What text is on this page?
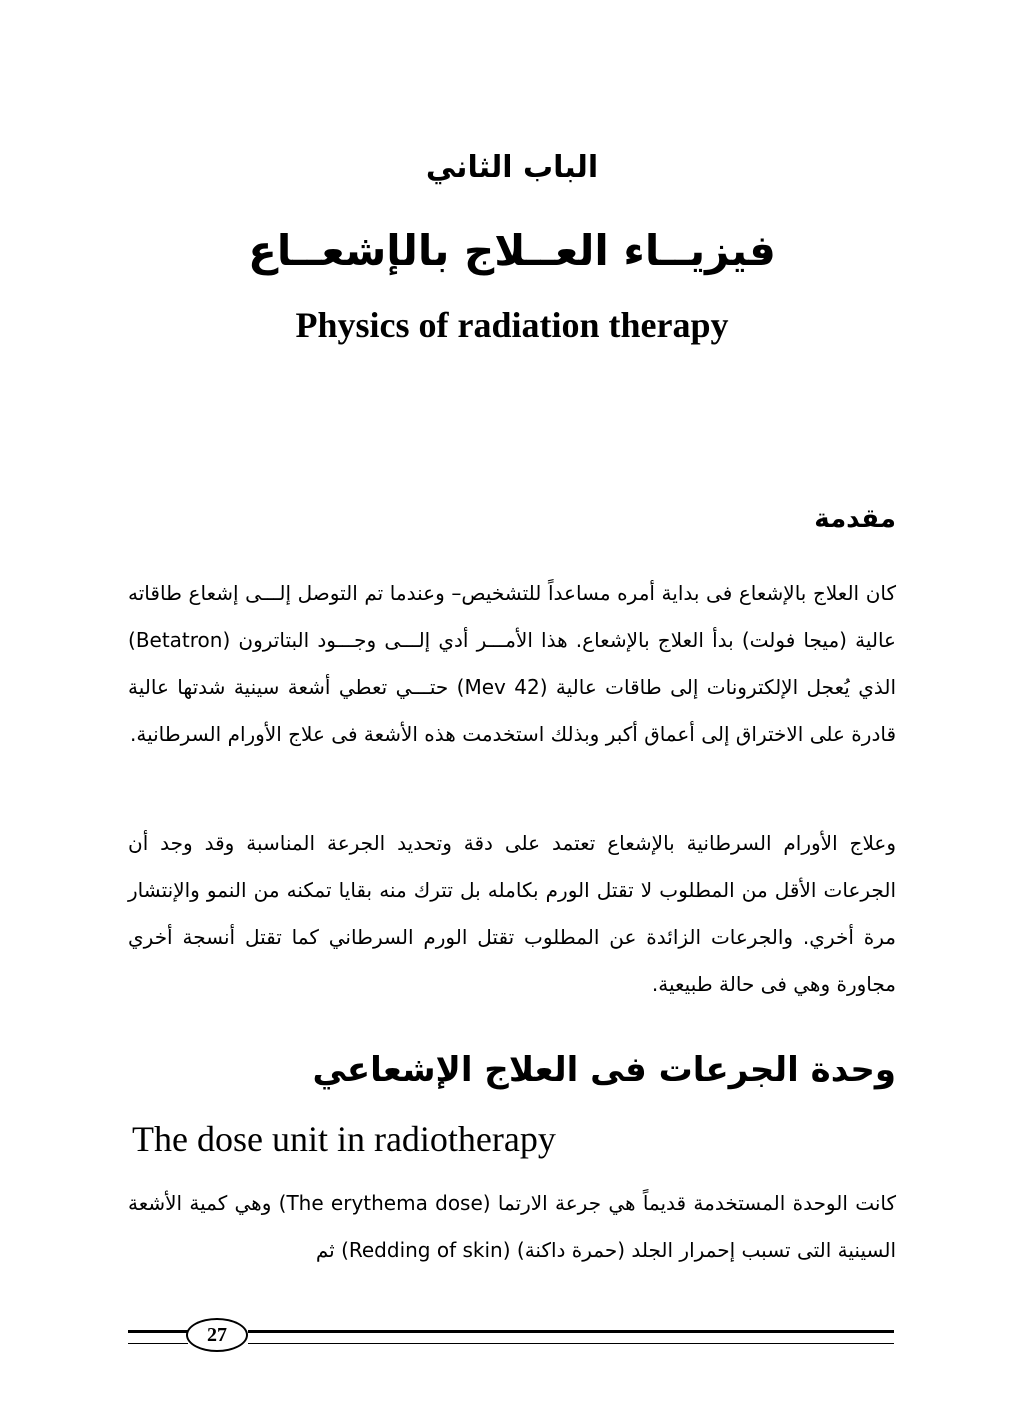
الباب الثاني
فيزيــاء العــلاج بالإشعــاع
Physics of radiation therapy
مقدمة

كان العلاج بالإشعاع فى بداية أمره مساعداً للتشخيص– وعندما تم التوصل إلـــى إشعاع طاقاته عالية (ميجا فولت) بدأ العلاج بالإشعاع. هذا الأمـــر أدي إلـــى وجـــود البتاترون (Betatron) الذي يُعجل الإلكترونات إلى طاقات عالية (42 Mev) حتـــي تعطي أشعة سينية شدتها عالية قادرة على الاختراق إلى أعماق أكبر وبذلك استخدمت هذه الأشعة فى علاج الأورام السرطانية.

وعلاج الأورام السرطانية بالإشعاع تعتمد على دقة وتحديد الجرعة المناسبة وقد وجد أن الجرعات الأقل من المطلوب لا تقتل الورم بكامله بل تترك منه بقايا تمكنه من النمو والإنتشار مرة أخري. والجرعات الزائدة عن المطلوب تقتل الورم السرطاني كما تقتل أنسجة أخري مجاورة وهي فى حالة طبيعية.

وحدة الجرعات فى العلاج الإشعاعي
The dose unit in radiotherapy

كانت الوحدة المستخدمة قديماً هي جرعة الارتما (The erythema dose) وهي كمية الأشعة السينية التى تسبب إحمرار الجلد (حمرة داكنة) (Redding of skin) ثم

27
